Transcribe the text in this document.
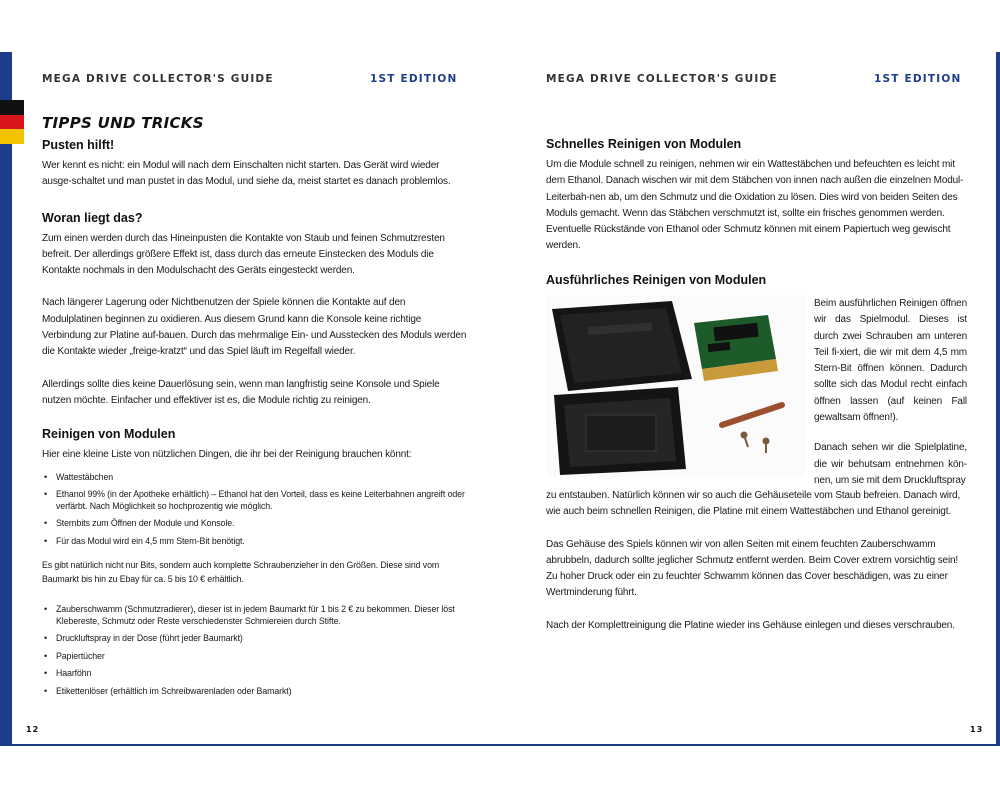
MEGA DRIVE COLLECTOR'S GUIDE	1ST EDITION	MEGA DRIVE COLLECTOR'S GUIDE	1ST EDITION
TIPPS UND TRICKS
Pusten hilft!

Wer kennt es nicht: ein Modul will nach dem Einschalten nicht starten. Das Gerät wird wieder ausge-schaltet und man pustet in das Modul, und siehe da, meist startet es danach problemlos.

Woran liegt das?

Zum einen werden durch das Hineinpusten die Kontakte von Staub und feinen Schmutzresten befreit. Der allerdings größere Effekt ist, dass durch das erneute Einstecken des Moduls die Kontakte nochmals in den Modulschacht des Geräts eingesteckt werden.

Nach längerer Lagerung oder Nichtbenutzen der Spiele können die Kontakte auf den Modulplatinen beginnen zu oxidieren. Aus diesem Grund kann die Konsole keine richtige Verbindung zur Platine auf-bauen. Durch das mehrmalige Ein- und Ausstecken des Moduls werden die Kontakte wieder „freige-kratzt“ und das Spiel läuft im Regelfall wieder.

Allerdings sollte dies keine Dauerlösung sein, wenn man langfristig seine Konsole und Spiele nutzen möchte. Einfacher und effektiver ist es, die Module richtig zu reinigen.

Reinigen von Modulen

Hier eine kleine Liste von nützlichen Dingen, die ihr bei der Reinigung brauchen könnt:

• Wattestäbchen
• Ethanol 99% (in der Apotheke erhältlich) – Ethanol hat den Vorteil, dass es keine Leiterbahnen angreift oder verfärbt. Nach Möglichkeit so hochprozentig wie möglich.
• Sternbits zum Öffnen der Module und Konsole.
• Für das Modul wird ein 4,5 mm Stern-Bit benötigt.

Es gibt natürlich nicht nur Bits, sondern auch komplette Schraubenzieher in den Größen. Diese sind vom Baumarkt bis hin zu Ebay für ca. 5 bis 10 € erhältlich.

• Zauberschwamm (Schmutzradierer), dieser ist in jedem Baumarkt für 1 bis 2 € zu bekommen. Dieser löst Klebereste, Schmutz oder Reste verschiedenster Schmiereien durch Stifte.
• Druckluftspray in der Dose (führt jeder Baumarkt)
• Papiertücher
• Haarföhn
• Etikettenlöser (erhältlich im Schreibwarenladen oder Bamarkt)
Schnelles Reinigen von Modulen

Um die Module schnell zu reinigen, nehmen wir ein Wattestäbchen und befeuchten es leicht mit dem Ethanol. Danach wischen wir mit dem Stäbchen von innen nach außen die einzelnen Modul-Leiterbah-nen ab, um den Schmutz und die Oxidation zu lösen. Dies wird von beiden Seiten des Moduls gemacht. Wenn das Stäbchen verschmutzt ist, sollte ein frisches genommen werden. Eventuelle Rückstände von Ethanol oder Schmutz können mit einem Papiertuch weg gewischt werden.

Ausführliches Reinigen von Modulen

Beim ausführlichen Reinigen öffnen wir das Spielmodul. Dieses ist durch zwei Schrauben am unteren Teil fi-xiert, die wir mit dem 4,5 mm Stern-Bit öffnen können. Dadurch sollte sich das Modul recht einfach öffnen lassen (auf keinen Fall gewaltsam öffnen!).

Danach sehen wir die Spielplatine, die wir behutsam entnehmen kön-nen, um sie mit dem Druckluftspray

zu entstauben. Natürlich können wir so auch die Gehäuseteile vom Staub befreien. Danach wird, wie auch beim schnellen Reinigen, die Platine mit einem Wattestäbchen und Ethanol gereinigt.

Das Gehäuse des Spiels können wir von allen Seiten mit einem feuchten Zauberschwamm abrubbeln, dadurch sollte jeglicher Schmutz entfernt werden. Beim Cover extrem vorsichtig sein! Zu hoher Druck oder ein zu feuchter Schwamm können das Cover beschädigen, was zu einer Wertminderung führt.

Nach der Komplettreinigung die Platine wieder ins Gehäuse einlegen und dieses verschrauben.

12	13
